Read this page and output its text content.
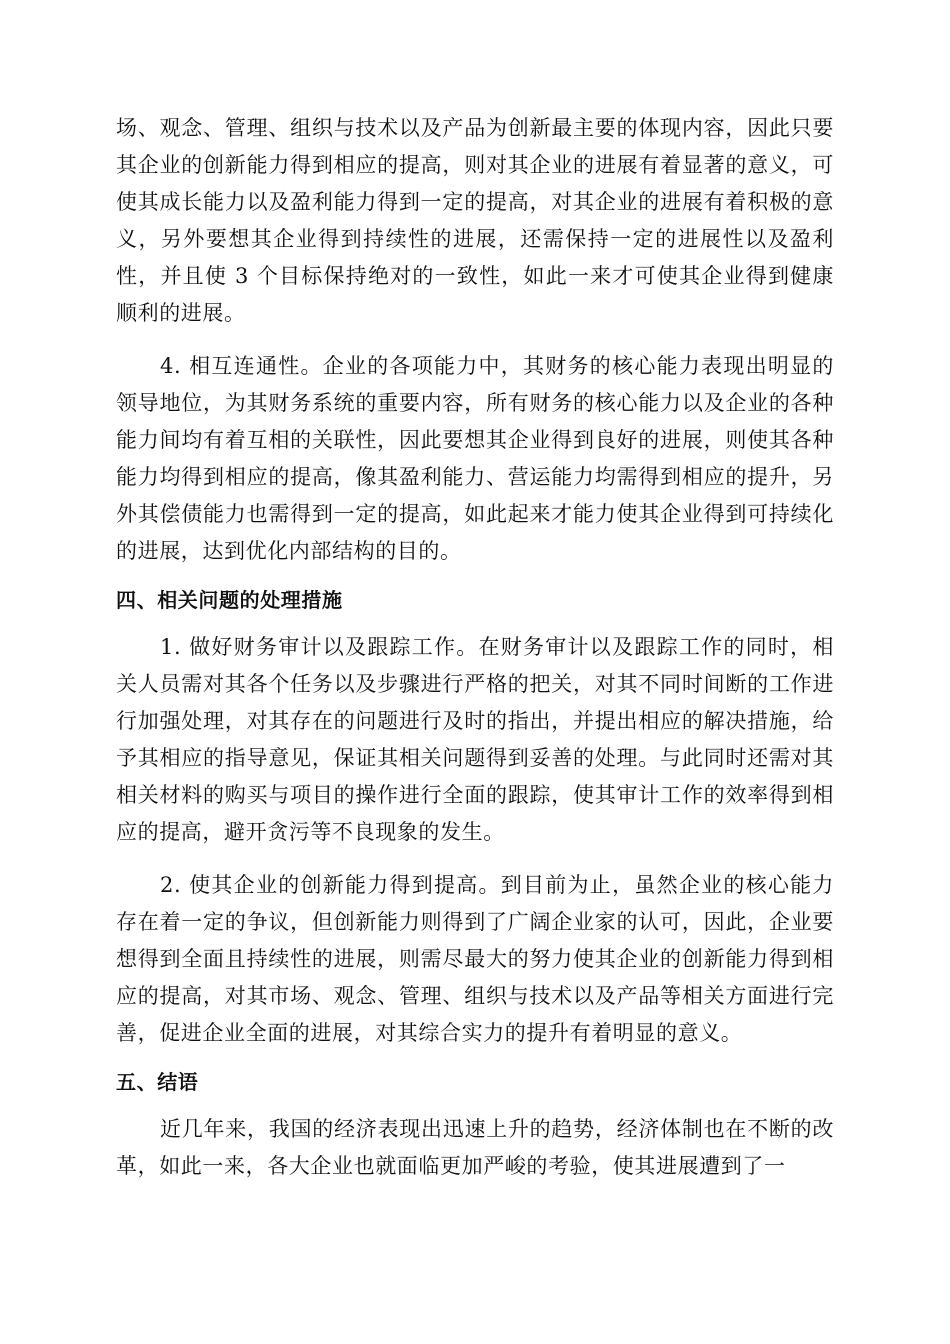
场、观念、管理、组织与技术以及产品为创新最主要的体现内容，因此只要其企业的创新能力得到相应的提高，则对其企业的进展有着显著的意义，可使其成长能力以及盈利能力得到一定的提高，对其企业的进展有着积极的意义，另外要想其企业得到持续性的进展，还需保持一定的进展性以及盈利性，并且使 3 个目标保持绝对的一致性，如此一来才可使其企业得到健康顺利的进展。

4. 相互连通性。企业的各项能力中，其财务的核心能力表现出明显的领导地位，为其财务系统的重要内容，所有财务的核心能力以及企业的各种能力间均有着互相的关联性，因此要想其企业得到良好的进展，则使其各种能力均得到相应的提高，像其盈利能力、营运能力均需得到相应的提升，另外其偿债能力也需得到一定的提高，如此起来才能力使其企业得到可持续化的进展，达到优化内部结构的目的。

四、相关问题的处理措施

1. 做好财务审计以及跟踪工作。在财务审计以及跟踪工作的同时，相关人员需对其各个任务以及步骤进行严格的把关，对其不同时间断的工作进行加强处理，对其存在的问题进行及时的指出，并提出相应的解决措施，给予其相应的指导意见，保证其相关问题得到妥善的处理。与此同时还需对其相关材料的购买与项目的操作进行全面的跟踪，使其审计工作的效率得到相应的提高，避开贪污等不良现象的发生。

2. 使其企业的创新能力得到提高。到目前为止，虽然企业的核心能力存在着一定的争议，但创新能力则得到了广阔企业家的认可，因此，企业要想得到全面且持续性的进展，则需尽最大的努力使其企业的创新能力得到相应的提高，对其市场、观念、管理、组织与技术以及产品等相关方面进行完善，促进企业全面的进展，对其综合实力的提升有着明显的意义。

五、结语

近几年来，我国的经济表现出迅速上升的趋势，经济体制也在不断的改革，如此一来，各大企业也就面临更加严峻的考验，使其进展遭到了一
